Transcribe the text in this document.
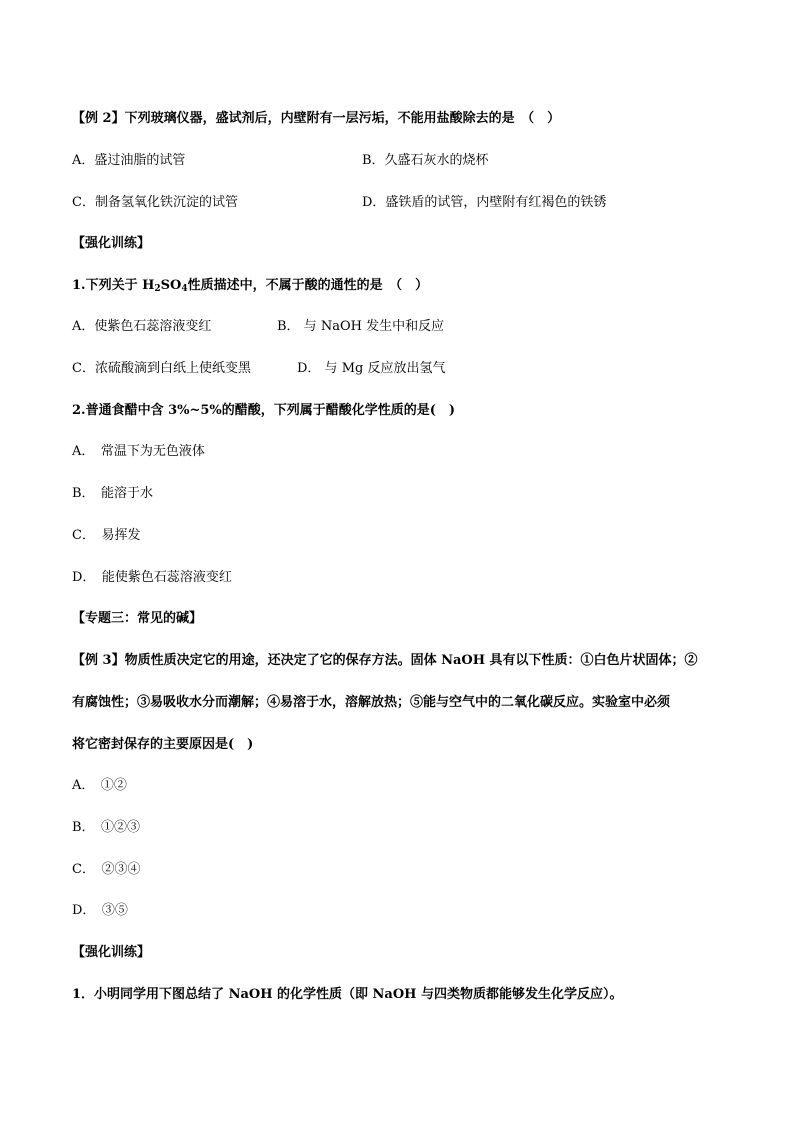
【例 2】下列玻璃仪器，盛试剂后，内壁附有一层污垢，不能用盐酸除去的是　（　）
A．盛过油脂的试管	B．久盛石灰水的烧杯
C．制备氢氧化铁沉淀的试管	D．盛铁盾的试管，内壁附有红褐色的铁锈
【强化训练】
1.下列关于 $H_2SO_4$性质描述中，不属于酸的通性的是　（　）
A．使紫色石蕊溶液变红	B． 与 NaOH 发生中和反应
C．浓硫酸滴到白纸上使纸变黑	D． 与 Mg 反应放出氢气
2.普通食醋中含 3%~5%的醋酸，下列属于醋酸化学性质的是(　)
A．　常温下为无色液体
B．　能溶于水
C．　易挥发
D．　能使紫色石蕊溶液变红
【专题三：常见的碱】
【例 3】物质性质决定它的用途，还决定了它的保存方法。固体 NaOH 具有以下性质：①白色片状固体；②
有腐蚀性；③易吸收水分而潮解；④易溶于水，溶解放热；⑤能与空气中的二氧化碳反应。实验室中必须
将它密封保存的主要原因是(　)
A．　①②
B．　①②③
C．　②③④
D．　③⑤
【强化训练】
1．小明同学用下图总结了 NaOH 的化学性质（即 NaOH 与四类物质都能够发生化学反应）。
